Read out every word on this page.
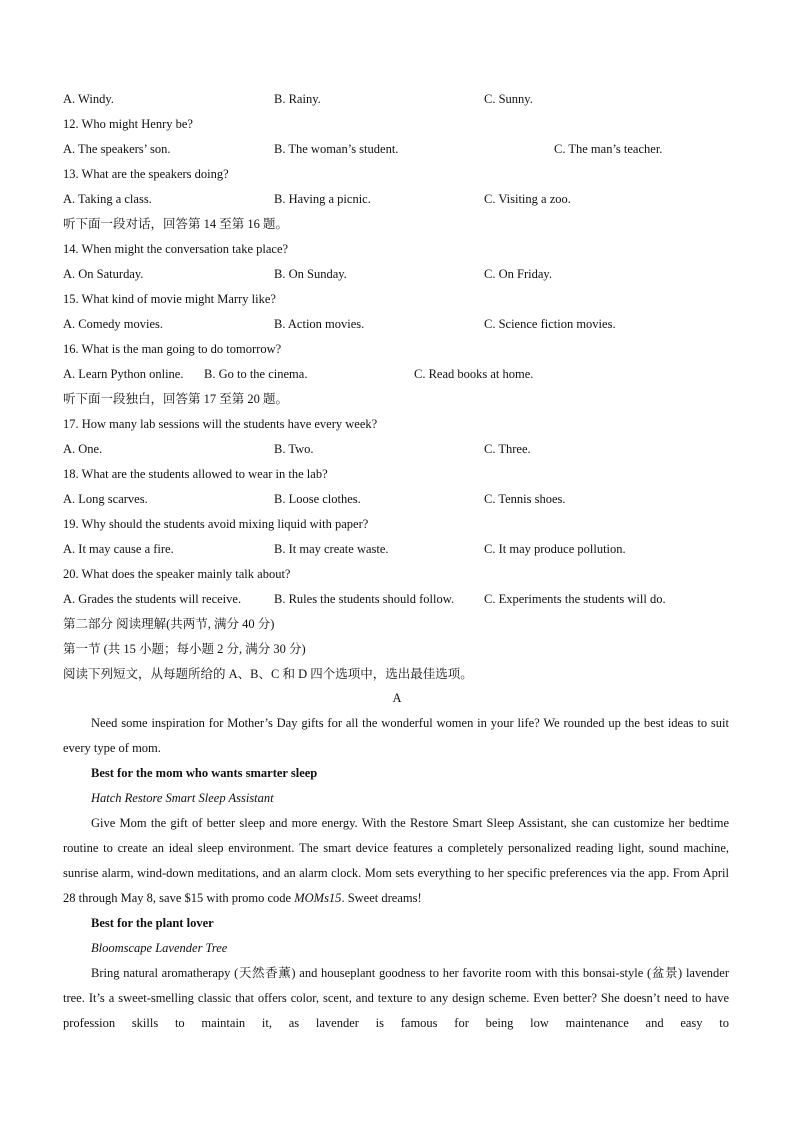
A. Windy.	B. Rainy.	C. Sunny.
12. Who might Henry be?
A. The speakers’ son.	B. The woman’s student.	C. The man’s teacher.
13. What are the speakers doing?
A. Taking a class.	B. Having a picnic.	C. Visiting a zoo.
听下面一段对话，回答第 14 至第 16 题。
14. When might the conversation take place?
A. On Saturday.	B. On Sunday.	C. On Friday.
15. What kind of movie might Marry like?
A. Comedy movies.	B. Action movies.	C. Science fiction movies.
16. What is the man going to do tomorrow?
A. Learn Python online. B. Go to the cinema.	C. Read books at home.
听下面一段独白，回答第 17 至第 20 题。
17. How many lab sessions will the students have every week?
A. One.	B. Two.	C. Three.
18. What are the students allowed to wear in the lab?
A. Long scarves.	B. Loose clothes.	C. Tennis shoes.
19. Why should the students avoid mixing liquid with paper?
A. It may cause a fire.	B. It may create waste.	C. It may produce pollution.
20. What does the speaker mainly talk about?
A. Grades the students will receive.	B. Rules the students should follow. C. Experiments the students will do.
第二部分 阅读理解(共两节, 满分 40 分)
第一节 (共 15 小题；每小题 2 分, 满分 30 分)
阅读下列短文，从每题所给的 A、B、C 和 D 四个选项中，选出最佳选项。
A

Need some inspiration for Mother’s Day gifts for all the wonderful women in your life? We rounded up the best ideas to suit every type of mom.

Best for the mom who wants smarter sleep
Hatch Restore Smart Sleep Assistant

Give Mom the gift of better sleep and more energy. With the Restore Smart Sleep Assistant, she can customize her bedtime routine to create an ideal sleep environment. The smart device features a completely personalized reading light, sound machine, sunrise alarm, wind-down meditations, and an alarm clock. Mom sets everything to her specific preferences via the app. From April 28 through May 8, save $15 with promo code MOMs15. Sweet dreams!

Best for the plant lover
Bloomscape Lavender Tree

Bring natural aromatherapy (天然香薰) and houseplant goodness to her favorite room with this bonsai-style (盆景) lavender tree. It’s a sweet-smelling classic that offers color, scent, and texture to any design scheme. Even better? She doesn’t need to have profession skills to maintain it, as lavender is famous for being low maintenance and easy to
